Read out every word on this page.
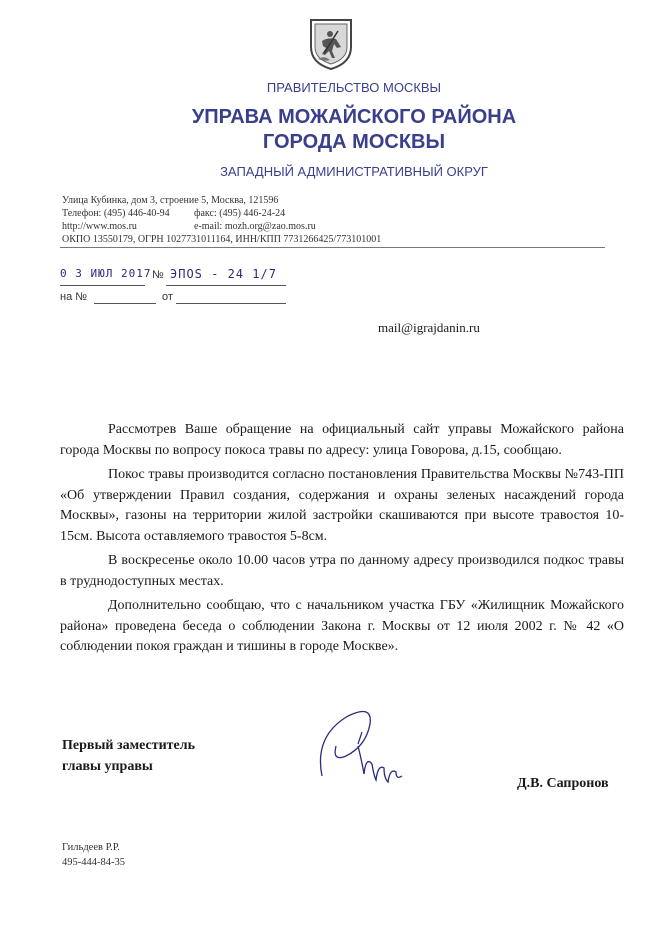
ПРАВИТЕЛЬСТВО МОСКВЫ
УПРАВА МОЖАЙСКОГО РАЙОНА
ГОРОДА МОСКВЫ
ЗАПАДНЫЙ АДМИНИСТРАТИВНЫЙ ОКРУГ
Улица Кубинка, дом 3, строение 5, Москва, 121596
Телефон: (495) 446-40-94 факс: (495) 446-24-24
http://www.mos.ru	e-mail: mozh.org@zao.mos.ru
ОКПО 13550179, ОГРН 1027731011164, ИНН/КПП 7731266425/773101001
0 3 ИЮЛ 2017 № ЭПОS - 24 1/7
на №	от
mail@igrajdanin.ru

Рассмотрев Ваше обращение на официальный сайт управы Можайского района города Москвы по вопросу покоса травы по адресу: улица Говорова, д.15, сообщаю.

Покос травы производится согласно постановления Правительства Москвы №743-ПП «Об утверждении Правил создания, содержания и охраны зеленых насаждений города Москвы», газоны на территории жилой застройки скашиваются при высоте травостоя 10-15см. Высота оставляемого травостоя 5-8см.

В воскресенье около 10.00 часов утра по данному адресу производился подкос травы в труднодоступных местах.

Дополнительно сообщаю, что с начальником участка ГБУ «Жилищник Можайского района» проведена беседа о соблюдении Закона г. Москвы от 12 июля 2002 г. № 42 «О соблюдении покоя граждан и тишины в городе Москве».

Первый заместитель
главы управы
Д.В. Сапронов
Гильдеев Р.Р.
495-444-84-35
